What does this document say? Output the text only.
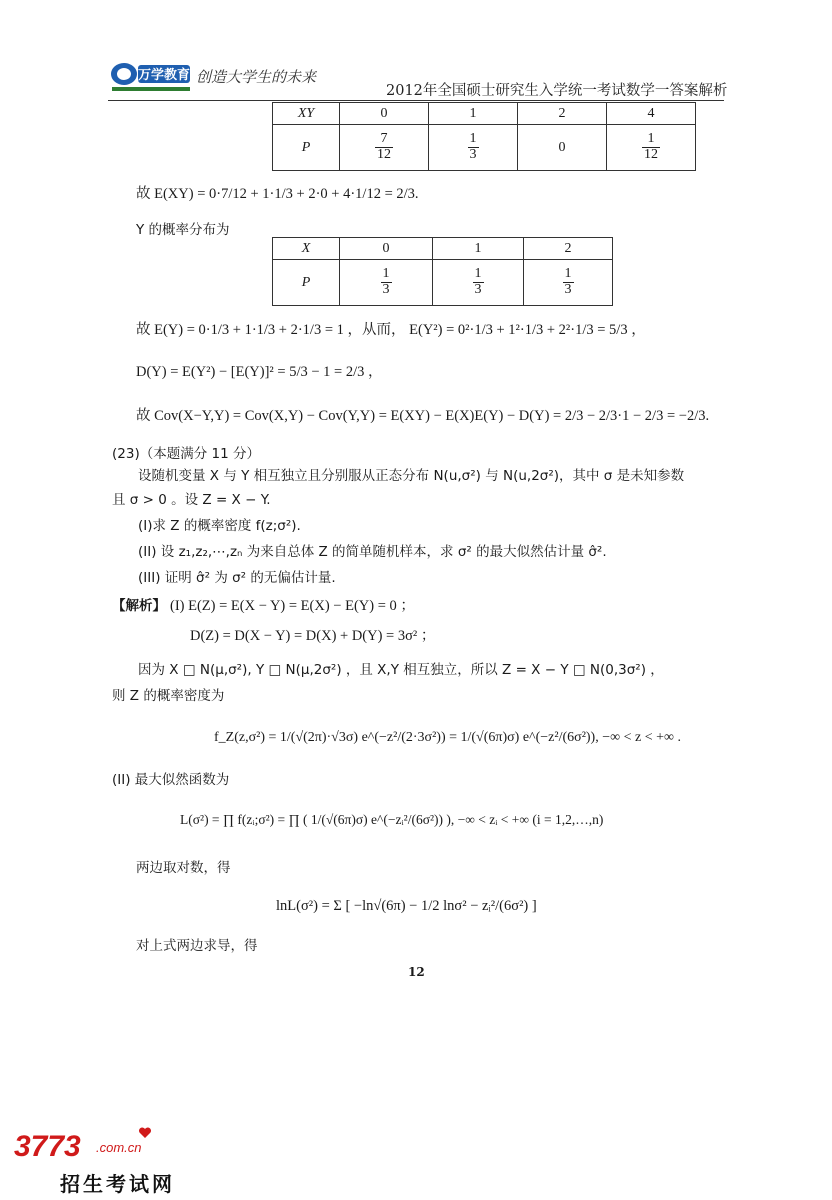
万学教育 创造大学生的未来
2012年全国硕士研究生入学统一考试数学一答案解析
XY	0	1	2	4
P	$\frac{7}{12}$	$\frac{1}{3}$	0	$\frac{1}{12}$
故 E(XY) = 0·7/12 + 1·1/3 + 2·0 + 4·1/12 = 2/3.
Y 的概率分布为
X	0	1	2
P	$\frac{1}{3}$	$\frac{1}{3}$	$\frac{1}{3}$
故 E(Y) = 0·1/3 + 1·1/3 + 2·1/3 = 1 ，从而， E(Y²) = 0²·1/3 + 1²·1/3 + 2²·1/3 = 5/3 ，
D(Y) = E(Y²) − [E(Y)]² = 5/3 − 1 = 2/3 ，
故 Cov(X−Y,Y) = Cov(X,Y) − Cov(Y,Y) = E(XY) − E(X)E(Y) − D(Y) = 2/3 − 2/3·1 − 2/3 = −2/3.
(23)（本题满分 11 分）
设随机变量 X 与 Y 相互独立且分别服从正态分布 N(u,σ²) 与 N(u,2σ²)，其中 σ 是未知参数
且 σ > 0 。设 Z = X − Y.
(I)求 Z 的概率密度 f(z;σ²).
(II) 设 z₁,z₂,⋯,zₙ 为来自总体 Z 的简单随机样本，求 σ² 的最大似然估计量 σ̂².
(III) 证明 σ̂² 为 σ² 的无偏估计量.
【解析】 (I) E(Z) = E(X − Y) = E(X) − E(Y) = 0 ；
D(Z) = D(X − Y) = D(X) + D(Y) = 3σ² ；
因为 X □ N(μ,σ²), Y □ N(μ,2σ²) ，且 X,Y 相互独立，所以 Z = X − Y □ N(0,3σ²) ，
则 Z 的概率密度为
f_Z(z,σ²) = 1/(√(2π)·√3σ) e^(−z²/(2·3σ²)) = 1/(√(6π)σ) e^(−z²/(6σ²)), −∞ < z < +∞ .
(II) 最大似然函数为
L(σ²) = ∏ f(zᵢ;σ²) = ∏ ( 1/(√(6π)σ) e^(−zᵢ²/(6σ²)) ), −∞ < zᵢ < +∞ (i = 1,2,…,n)
两边取对数，得
lnL(σ²) = Σ [ −ln√(6π) − 1/2 lnσ² − zᵢ²/(6σ²) ]
对上式两边求导，得
12
3773 .com.cn
招生考试网
